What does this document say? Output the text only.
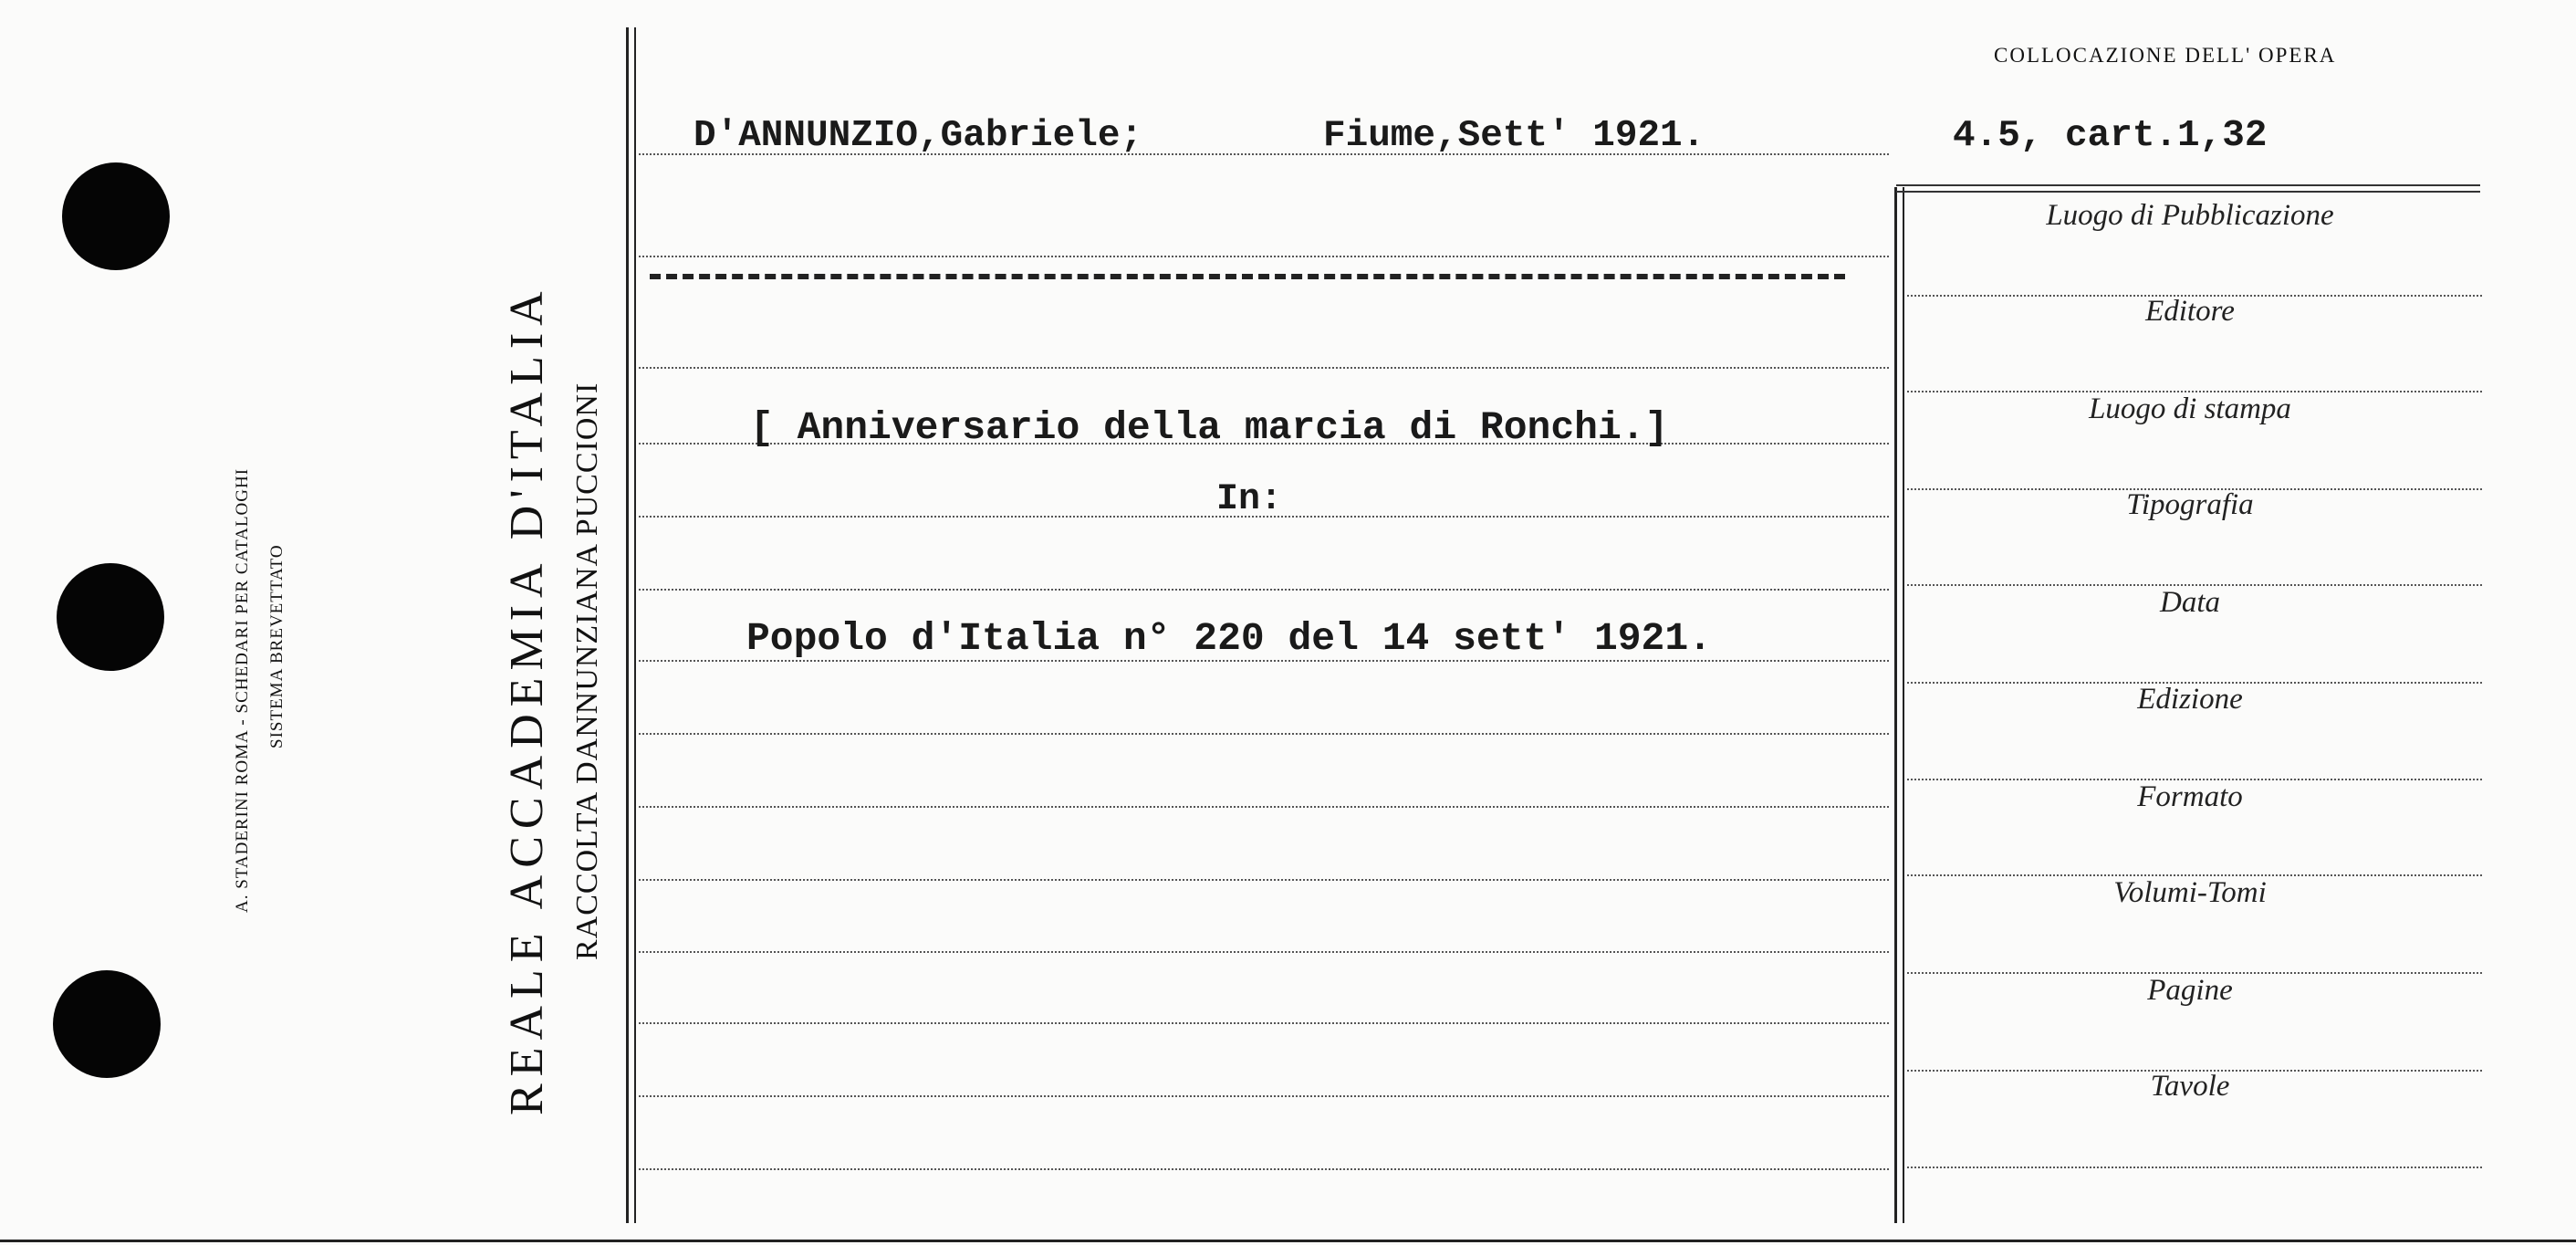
A. STADERINI ROMA - SCHEDARI PER CATALOGHI SISTEMA BREVETTATO	REALE ACCADEMIA D'ITALIA RACCOLTA DANNUNZIANA PUCCIONI
COLLOCAZIONE DELL' OPERA
D'ANNUNZIO,Gabriele;	Fiume,Sett' 1921.	4.5, cart.1,32
[ Anniversario della marcia di Ronchi.]
In:
Popolo d'Italia n° 220 del 14 sett' 1921.
Luogo di Pubblicazione
Editore
Luogo di stampa
Tipografia
Data
Edizione
Formato
Volumi-Tomi
Pagine
Tavole
